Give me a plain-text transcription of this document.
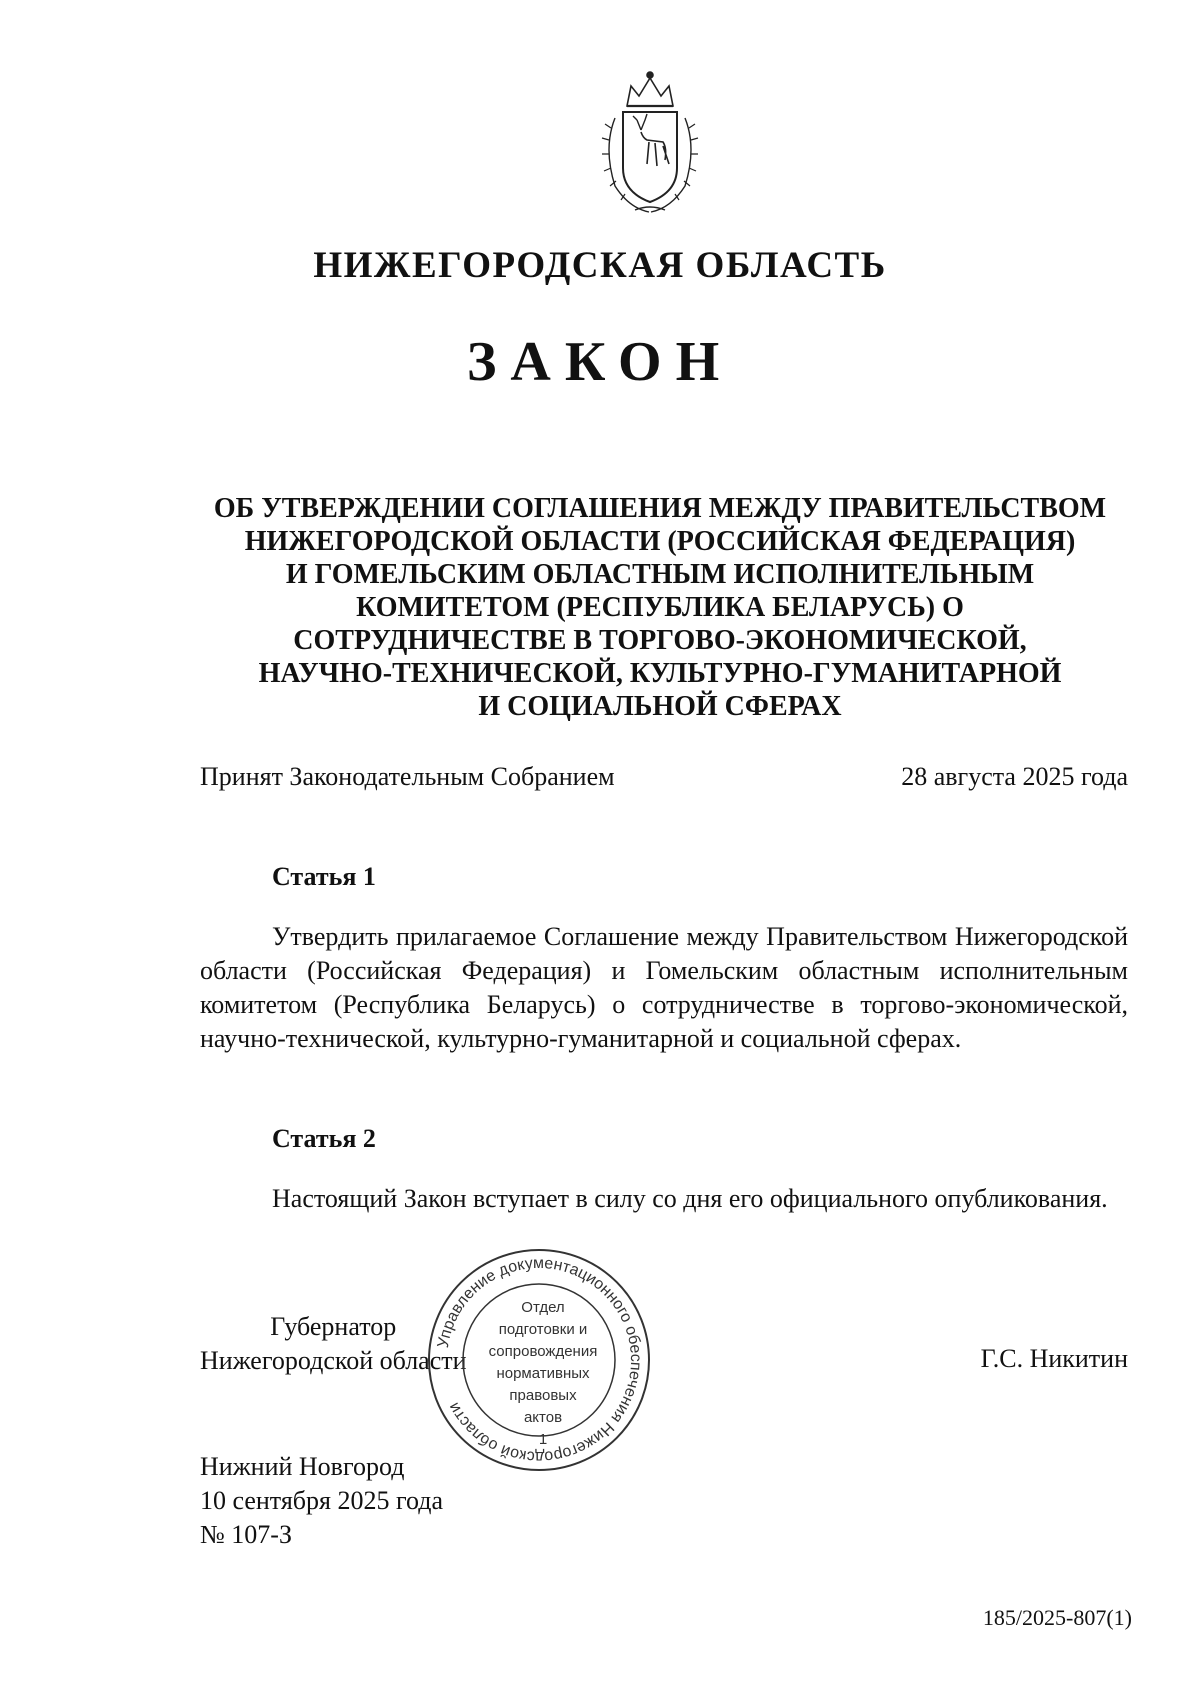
НИЖЕГОРОДСКАЯ ОБЛАСТЬ
ЗАКОН
ОБ УТВЕРЖДЕНИИ СОГЛАШЕНИЯ МЕЖДУ ПРАВИТЕЛЬСТВОМ
НИЖЕГОРОДСКОЙ ОБЛАСТИ (РОССИЙСКАЯ ФЕДЕРАЦИЯ)
И ГОМЕЛЬСКИМ ОБЛАСТНЫМ ИСПОЛНИТЕЛЬНЫМ
КОМИТЕТОМ (РЕСПУБЛИКА БЕЛАРУСЬ) О
СОТРУДНИЧЕСТВЕ В ТОРГОВО-ЭКОНОМИЧЕСКОЙ,
НАУЧНО-ТЕХНИЧЕСКОЙ, КУЛЬТУРНО-ГУМАНИТАРНОЙ
И СОЦИАЛЬНОЙ СФЕРАХ
Принят Законодательным Собранием	28 августа 2025 года
Статья 1
Утвердить прилагаемое Соглашение между Правительством Нижегородской области (Российская Федерация) и Гомельским областным исполнительным комитетом (Республика Беларусь) о сотрудничестве в торгово-экономической, научно-технической, культурно-гуманитарной и социальной сферах.
Статья 2
Настоящий Закон вступает в силу со дня его официального опубликования.
Губернатор
Нижегородской области	Г.С. Никитин
Нижний Новгород
10 сентября 2025 года
№ 107-З
Управление документационного обеспечения Нижегородской области
Отдел
подготовки и
сопровождения
нормативных
правовых
актов
1
185/2025-807(1)
